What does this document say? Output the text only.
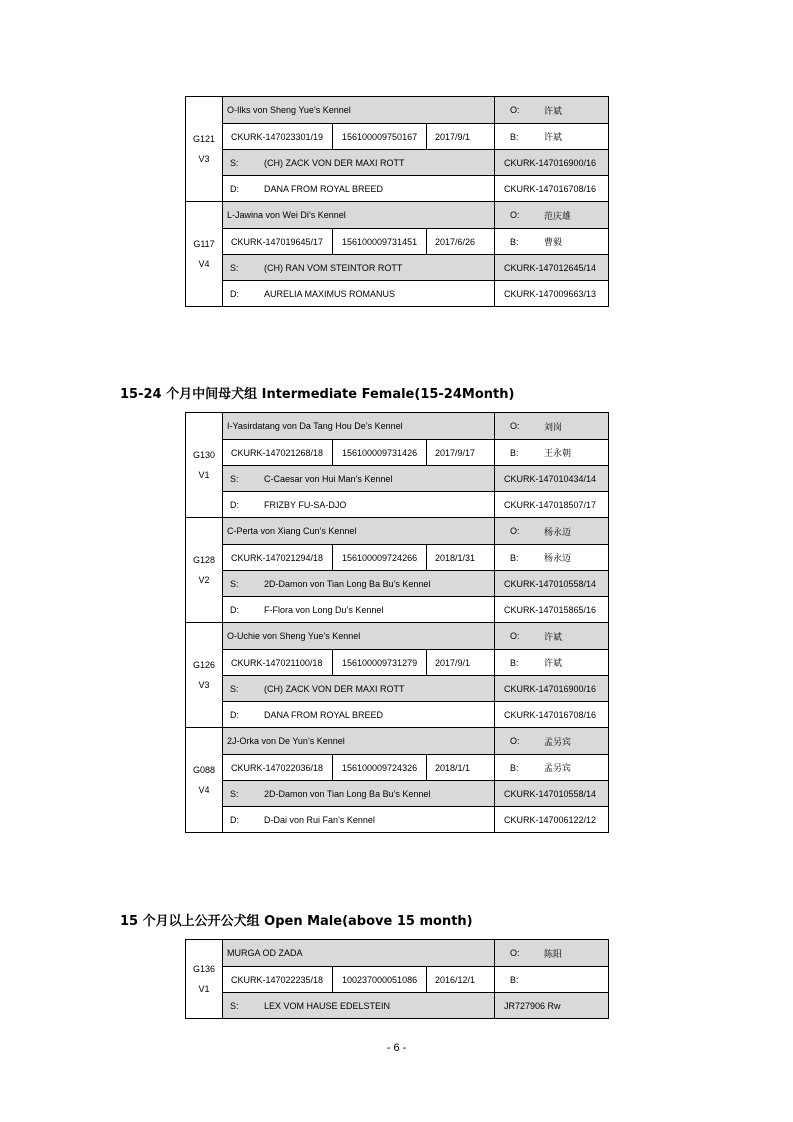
G121
V3
O-Ilks von Sheng Yue’s Kennel	O:	许斌
CKURK-147023301/19	156100009750167	2017/9/1	B:	许斌
S:	(CH) ZACK VON DER MAXI ROTT	CKURK-147016900/16
D:	DANA FROM ROYAL BREED	CKURK-147016708/16
G117
V4
L-Jawina von Wei Di’s Kennel	O:	范庆雄
CKURK-147019645/17	156100009731451	2017/6/26	B:	曹毅
S:	(CH) RAN VOM STEINTOR ROTT	CKURK-147012645/14
D:	AURELIA MAXIMUS ROMANUS	CKURK-147009663/13
15-24 个月中间母犬组 Intermediate Female(15-24Month)
G130
V1
I-Yasirdatang von Da Tang Hou De’s Kennel	O:	刘岗
CKURK-147021268/18	156100009731426	2017/9/17	B:	王永朝
S:	C-Caesar von Hui Man’s Kennel	CKURK-147010434/14
D:	FRIZBY FU-SA-DJO	CKURK-147018507/17
G128
V2
C-Perta von Xiang Cun’s Kennel	O:	杨永迈
CKURK-147021294/18	156100009724266	2018/1/31	B:	杨永迈
S:	2D-Damon von Tian Long Ba Bu’s Kennel	CKURK-147010558/14
D:	F-Flora von Long Du’s Kennel	CKURK-147015865/16
G126
V3
O-Uchie von Sheng Yue’s Kennel	O:	许斌
CKURK-147021100/18	156100009731279	2017/9/1	B:	许斌
S:	(CH) ZACK VON DER MAXI ROTT	CKURK-147016900/16
D:	DANA FROM ROYAL BREED	CKURK-147016708/16
G088
V4
2J-Orka von De Yun’s Kennel	O:	孟另宾
CKURK-147022036/18	156100009724326	2018/1/1	B:	孟另宾
S:	2D-Damon von Tian Long Ba Bu’s Kennel	CKURK-147010558/14
D:	D-Dai von Rui Fan’s Kennel	CKURK-147006122/12
15 个月以上公开公犬组 Open Male(above 15 month)
G136
V1
MURGA OD ZADA	O:	陈阳
CKURK-147022235/18	100237000051086	2016/12/1	B:
S:	LEX VOM HAUSE EDELSTEIN	JR727906 Rw
- 6 -
